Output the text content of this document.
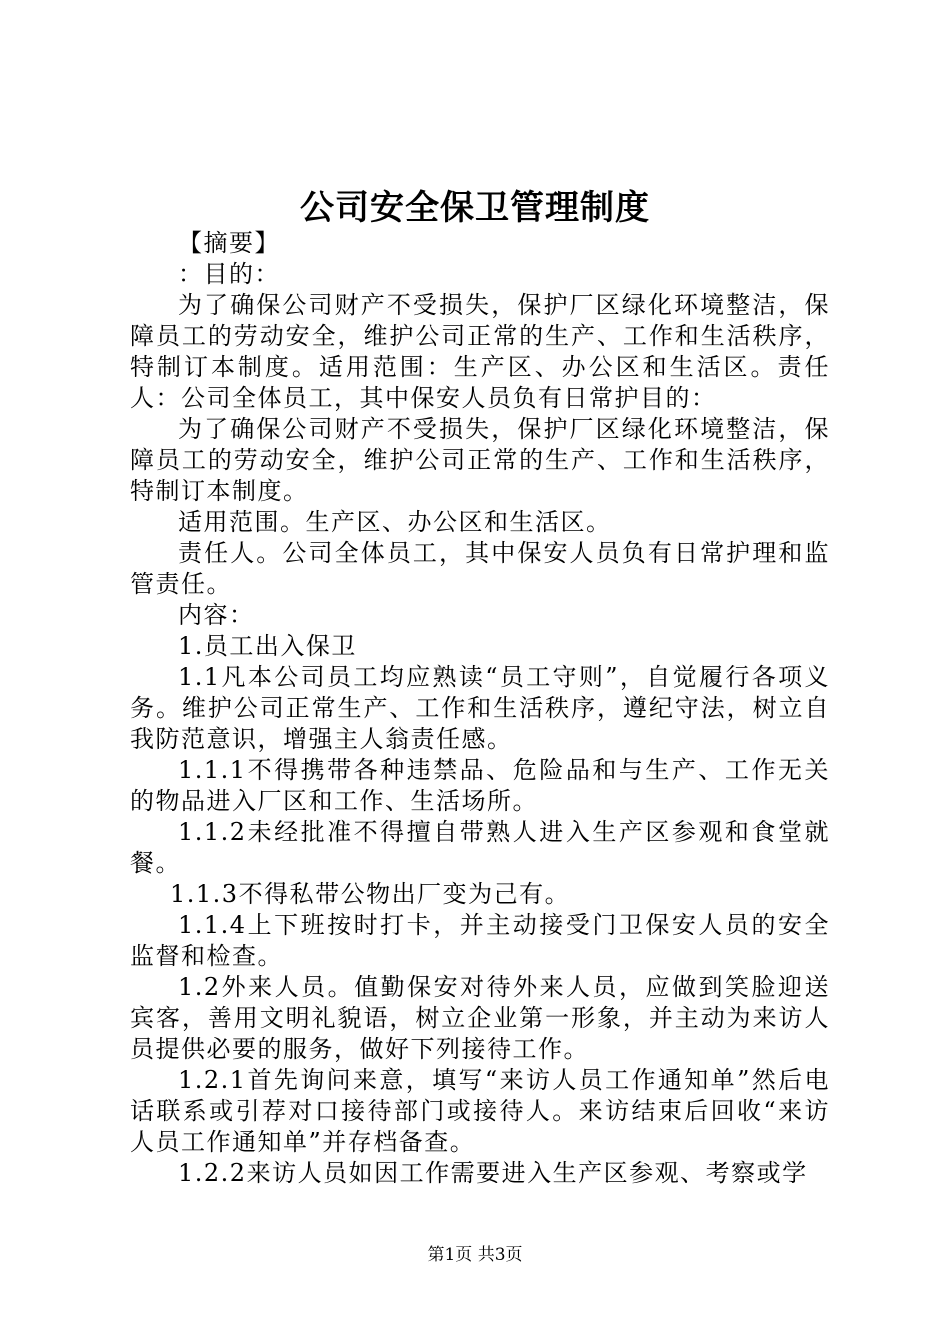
公司安全保卫管理制度

【摘要】

：目的：

为了确保公司财产不受损失，保护厂区绿化环境整洁，保障员工的劳动安全，维护公司正常的生产、工作和生活秩序，特制订本制度。适用范围：生产区、办公区和生活区。责任人：公司全体员工，其中保安人员负有日常护目的：

为了确保公司财产不受损失，保护厂区绿化环境整洁，保障员工的劳动安全，维护公司正常的生产、工作和生活秩序，特制订本制度。

适用范围。生产区、办公区和生活区。

责任人。公司全体员工，其中保安人员负有日常护理和监管责任。

内容：

1.员工出入保卫

1.1凡本公司员工均应熟读“员工守则”，自觉履行各项义务。维护公司正常生产、工作和生活秩序，遵纪守法，树立自我防范意识，增强主人翁责任感。

1.1.1不得携带各种违禁品、危险品和与生产、工作无关的物品进入厂区和工作、生活场所。

1.1.2未经批准不得擅自带熟人进入生产区参观和食堂就餐。

1.1.3不得私带公物出厂变为己有。

1.1.4上下班按时打卡，并主动接受门卫保安人员的安全监督和检查。

1.2外来人员。值勤保安对待外来人员，应做到笑脸迎送宾客，善用文明礼貌语，树立企业第一形象，并主动为来访人员提供必要的服务，做好下列接待工作。

1.2.1首先询问来意，填写“来访人员工作通知单”然后电话联系或引荐对口接待部门或接待人。来访结束后回收“来访人员工作通知单”并存档备查。

1.2.2来访人员如因工作需要进入生产区参观、考察或学

第1页 共3页
